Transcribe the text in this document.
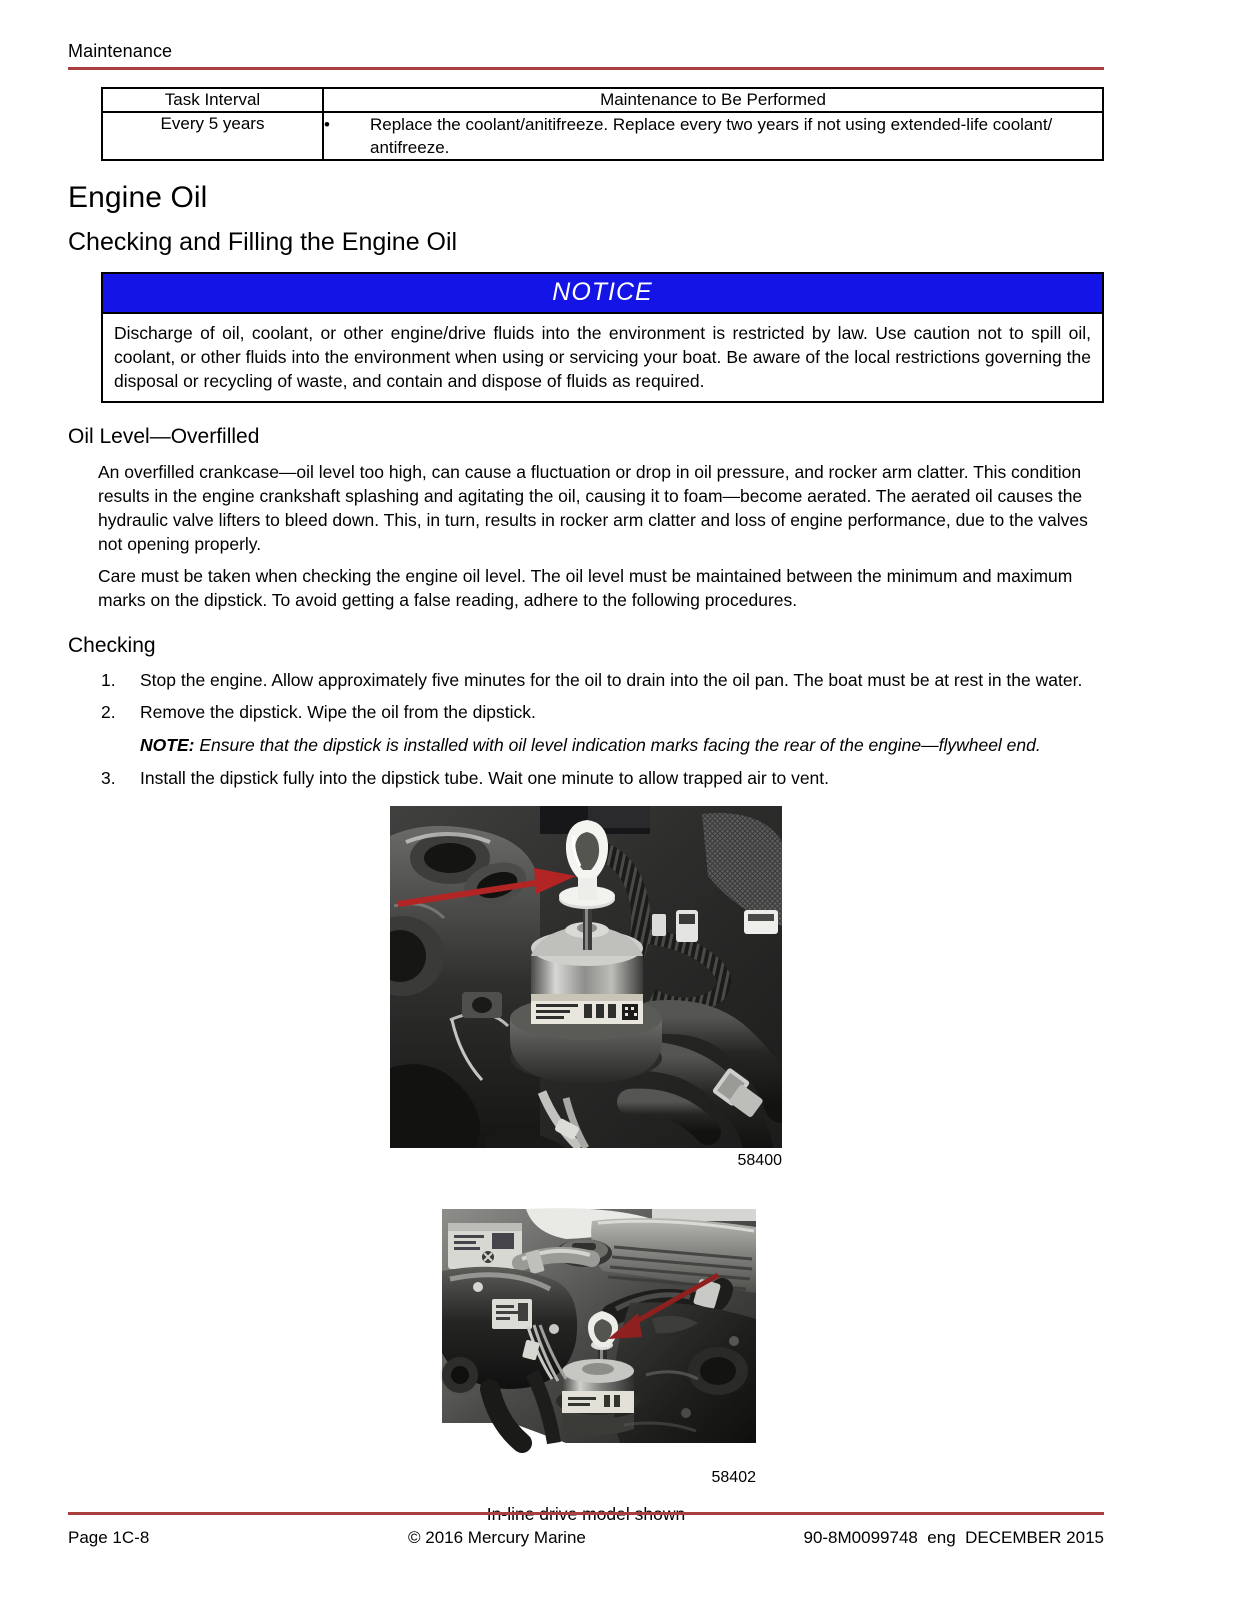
Maintenance
Task Interval	Maintenance to Be Performed
Every 5 years	• Replace the coolant/anitifreeze. Replace every two years if not using extended-life coolant/ antifreeze.
Engine Oil
Checking and Filling the Engine Oil
NOTICE
Discharge of oil, coolant, or other engine/drive fluids into the environment is restricted by law. Use caution not to spill oil, coolant, or other fluids into the environment when using or servicing your boat. Be aware of the local restrictions governing the disposal or recycling of waste, and contain and dispose of fluids as required.
Oil Level—Overfilled

An overfilled crankcase—oil level too high, can cause a fluctuation or drop in oil pressure, and rocker arm clatter. This condition results in the engine crankshaft splashing and agitating the oil, causing it to foam—become aerated. The aerated oil causes the hydraulic valve lifters to bleed down. This, in turn, results in rocker arm clatter and loss of engine performance, due to the valves not opening properly.

Care must be taken when checking the engine oil level. The oil level must be maintained between the minimum and maximum marks on the dipstick. To avoid getting a false reading, adhere to the following procedures.

Checking
1.	Stop the engine. Allow approximately five minutes for the oil to drain into the oil pan. The boat must be at rest in the water.
2.	Remove the dipstick. Wipe the oil from the dipstick.
NOTE: Ensure that the dipstick is installed with oil level indication marks facing the rear of the engine—flywheel end.
3.	Install the dipstick fully into the dipstick tube. Wait one minute to allow trapped air to vent.
58400
58402
Page 1C-8	© 2016 Mercury Marine	90-8M0099748  eng  DECEMBER 2015
